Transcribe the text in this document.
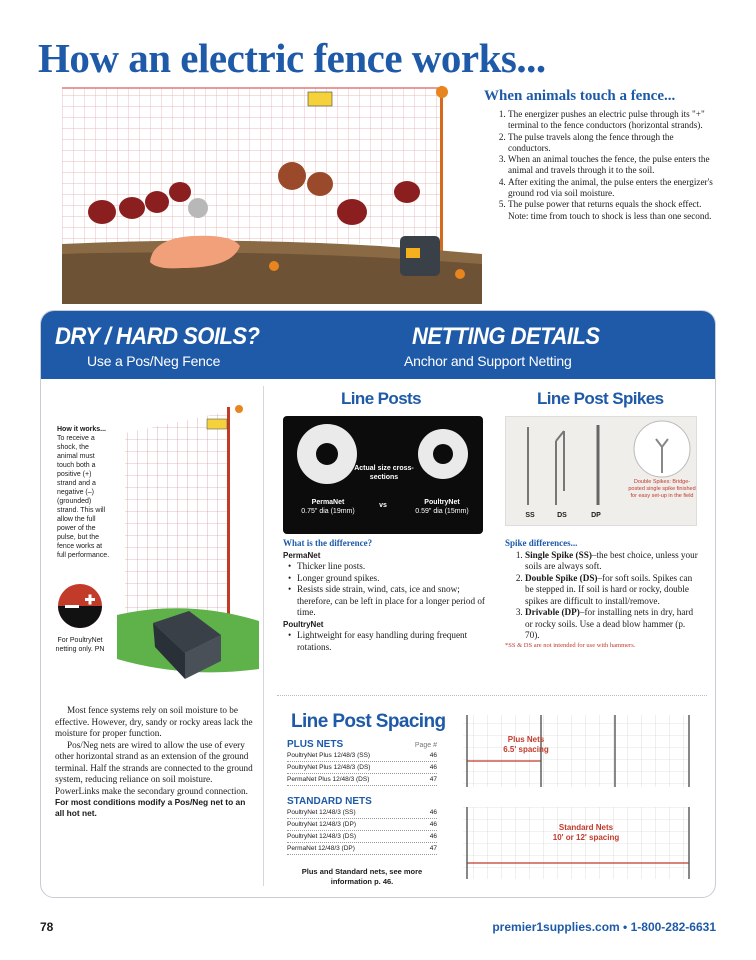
How an electric fence works...
When animals touch a fence...
1. The energizer pushes an electric pulse through its "+" terminal to the fence conductors (horizontal strands).
2. The pulse travels along the fence through the conductors.
3. When an animal touches the fence, the pulse enters the animal and travels through it to the soil.
4. After exiting the animal, the pulse enters the energizer's ground rod via soil moisture.
5. The pulse power that returns equals the shock effect. Note: time from touch to shock is less than one second.
DRY / HARD SOILS?
Use a Pos/Neg Fence
NETTING DETAILS
Anchor and Support Netting
How it works...
To receive a shock, the animal must touch both a positive (+) strand and a negative (–) (grounded) strand. This will allow the full power of the pulse, but the fence works at full performance.
For PoultryNet netting only. PN

Most fence systems rely on soil moisture to be effective. However, dry, sandy or rocky areas lack the moisture for proper function.

Pos/Neg nets are wired to allow the use of every other horizontal strand as an extension of the ground terminal. Half the strands are connected to the ground system, reducing reliance on soil moisture. PowerLinks make the secondary ground connection.

For most conditions modify a Pos/Neg net to an all hot net.

Line Posts
Actual size cross-sections
PermaNet
0.75" dia (19mm)
vs	PoultryNet
0.59" dia (15mm)
What is the difference?
PermaNet
• Thicker line posts.
• Longer ground spikes.
• Resists side strain, wind, cats, ice and snow; therefore, can be left in place for a longer period of time.
PoultryNet
• Lightweight for easy handling during frequent rotations.
Line Post Spikes
SS	DS	DP
Double Spikes: Bridge-posted single spike finished for easy set-up in the field
Spike differences...
1. Single Spike (SS)–the best choice, unless your soils are always soft.
2. Double Spike (DS)–for soft soils. Spikes can be stepped in. If soil is hard or rocky, double spikes are difficult to install/remove.
3. Drivable (DP)–for installing nets in dry, hard or rocky soils. Use a dead blow hammer (p. 70).
*SS & DS are not intended for use with hammers.
Line Post Spacing
PLUS NETS	Page #
PoultryNet Plus 12/48/3 (SS)	46
PoultryNet Plus 12/48/3 (DS)	46
PermaNet Plus 12/48/3 (DS)	47
STANDARD NETS
PoultryNet 12/48/3 (SS)	46
PoultryNet 12/48/3 (DP)	46
PoultryNet 12/48/3 (DS)	46
PermaNet 12/48/3 (DP)	47
Plus and Standard nets, see more information p. 46.
Plus Nets
6.5' spacing
Standard Nets
10' or 12' spacing
78	premier1supplies.com • 1-800-282-6631
